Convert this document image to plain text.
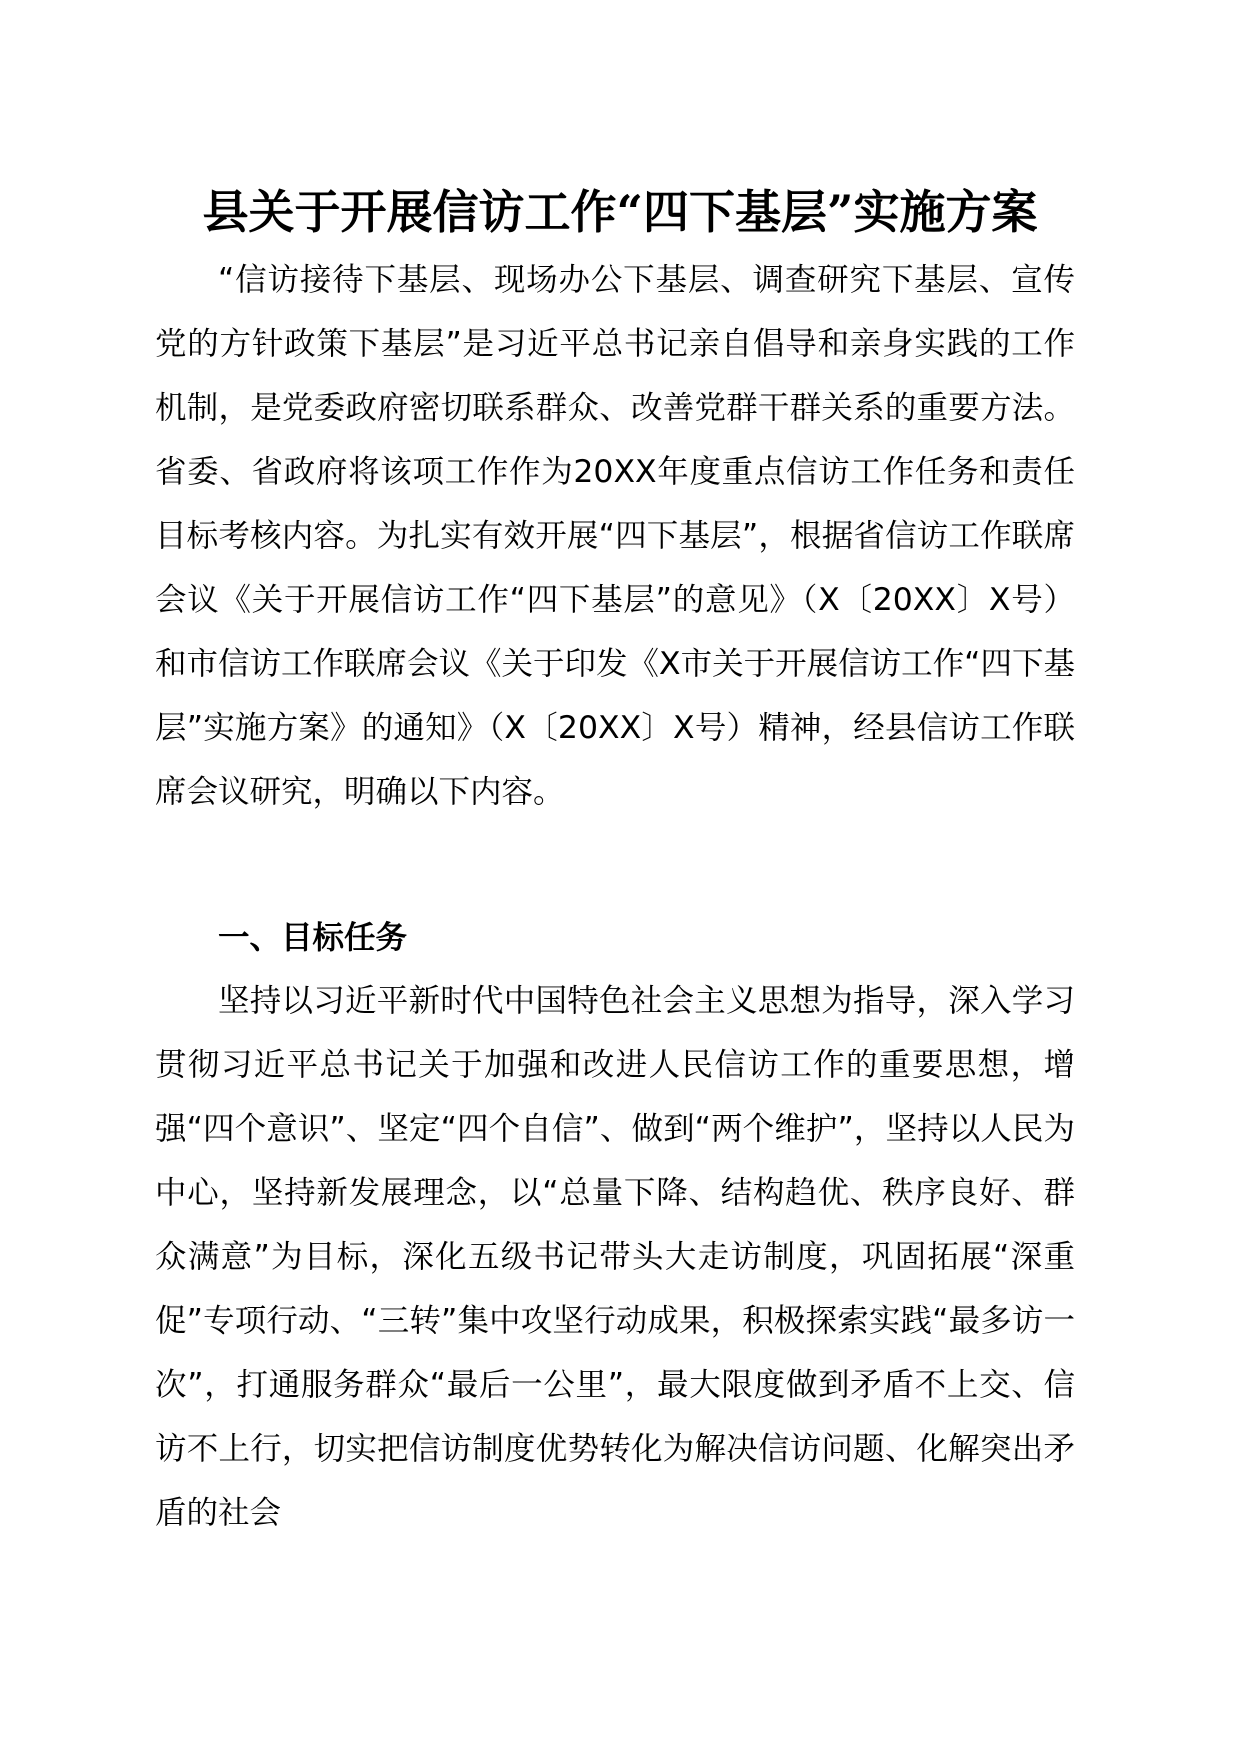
县关于开展信访工作“四下基层”实施方案

“信访接待下基层、现场办公下基层、调查研究下基层、宣传党的方针政策下基层”是习近平总书记亲自倡导和亲身实践的工作机制，是党委政府密切联系群众、改善党群干群关系的重要方法。省委、省政府将该项工作作为20XX年度重点信访工作任务和责任目标考核内容。为扎实有效开展“四下基层”，根据省信访工作联席会议《关于开展信访工作“四下基层”的意见》（X〔20XX〕X号）和市信访工作联席会议《关于印发《X市关于开展信访工作“四下基层”实施方案》的通知》（X〔20XX〕X号）精神，经县信访工作联席会议研究，明确以下内容。

一、目标任务

坚持以习近平新时代中国特色社会主义思想为指导，深入学习贯彻习近平总书记关于加强和改进人民信访工作的重要思想，增强“四个意识”、坚定“四个自信”、做到“两个维护”，坚持以人民为中心，坚持新发展理念，以“总量下降、结构趋优、秩序良好、群众满意”为目标，深化五级书记带头大走访制度，巩固拓展“深重促”专项行动、“三转”集中攻坚行动成果，积极探索实践“最多访一次”，打通服务群众“最后一公里”，最大限度做到矛盾不上交、信访不上行，切实把信访制度优势转化为解决信访问题、化解突出矛盾的社会
